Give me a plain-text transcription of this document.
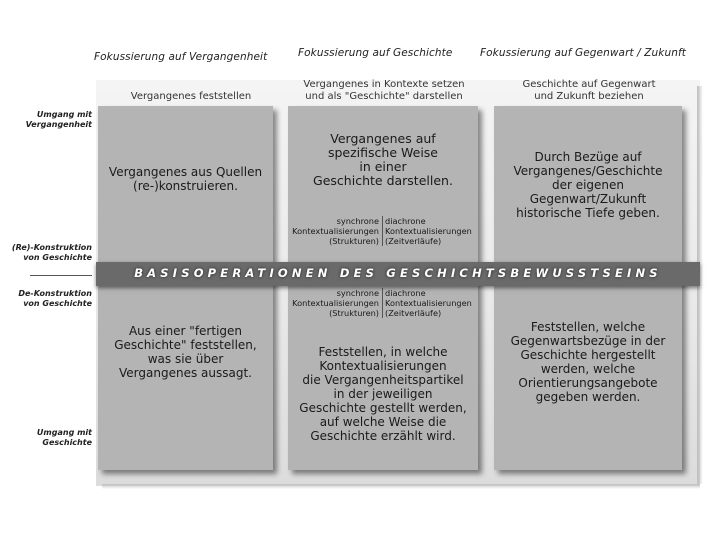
Fokussierung auf Vergangenheit	Fokussierung auf Geschichte	Fokussierung auf Gegenwart / Zukunft
Vergangenes feststellen
Vergangenes in Kontexte setzen
und als "Geschichte" darstellen
Geschichte auf Gegenwart
und Zukunft beziehen
Vergangenes aus Quellen
(re-)konstruieren.
Aus einer "fertigen
Geschichte" feststellen,
was sie über
Vergangenes aussagt.
Vergangenes auf
spezifische Weise
in einer
Geschichte darstellen.
synchrone
Kontextualisierungen
(Strukturen)
diachrone
Kontextualisierungen
(Zeitverläufe)
synchrone
Kontextualisierungen
(Strukturen)
diachrone
Kontextualisierungen
(Zeitverläufe)
Feststellen, in welche
Kontextualisierungen
die Vergangenheitspartikel
in der jeweiligen
Geschichte gestellt werden,
auf welche Weise die
Geschichte erzählt wird.
Durch Bezüge auf
Vergangenes/Geschichte
der eigenen
Gegenwart/Zukunft
historische Tiefe geben.
Feststellen, welche
Gegenwartsbezüge in der
Geschichte hergestellt
werden, welche
Orientierungsangebote
gegeben werden.
Umgang mit
Vergangenheit
(Re)-Konstruktion
von Geschichte
De-Konstruktion
von Geschichte
Umgang mit
Geschichte
BASISOPERATIONEN DES GESCHICHTSBEWUSSTSEINS
